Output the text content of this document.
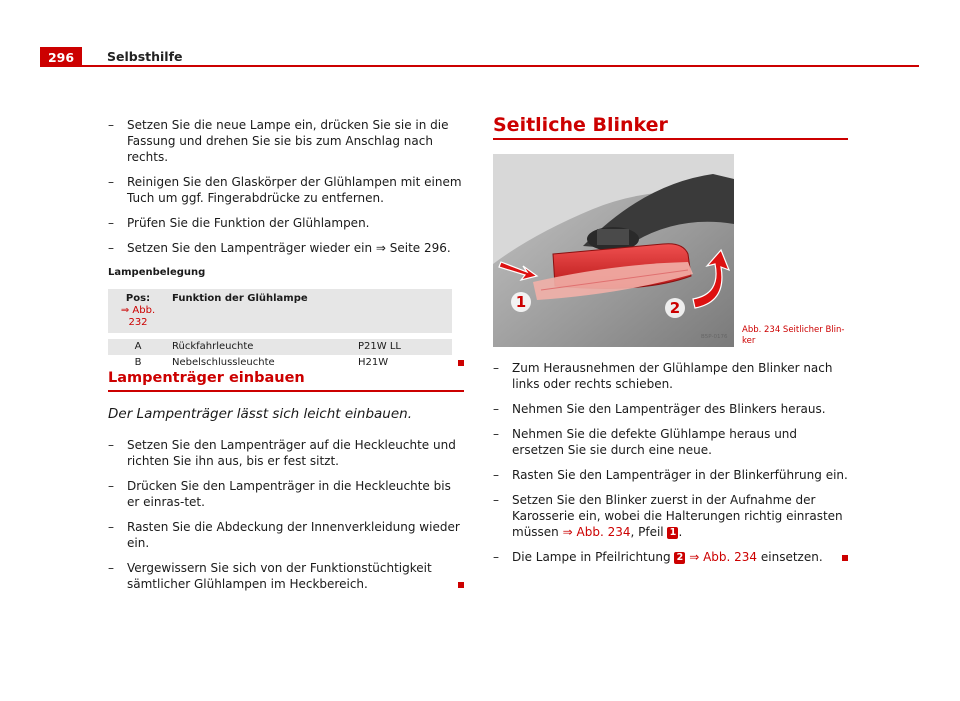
296	Selbsthilfe
– Setzen Sie die neue Lampe ein, drücken Sie sie in die Fassung und drehen Sie sie bis zum Anschlag nach rechts.
– Reinigen Sie den Glaskörper der Glühlampen mit einem Tuch um ggf. Fingerabdrücke zu entfernen.
– Prüfen Sie die Funktion der Glühlampen.
– Setzen Sie den Lampenträger wieder ein ⇒ Seite 296.
Lampenbelegung
Pos:
⇒ Abb. 232	Funktion der Glühlampe	

A	Rückfahrleuchte	P21W LL
B	Nebelschlussleuchte	H21W
Lampenträger einbauen
Der Lampenträger lässt sich leicht einbauen.
– Setzen Sie den Lampenträger auf die Heckleuchte und richten Sie ihn aus, bis er fest sitzt.
– Drücken Sie den Lampenträger in die Heckleuchte bis er einras-tet.
– Rasten Sie die Abdeckung der Innenverkleidung wieder ein.
– Vergewissern Sie sich von der Funktionstüchtigkeit sämtlicher Glühlampen im Heckbereich.
Seitliche Blinker
1	2
B5P-0176
Abb. 234 Seitlicher Blin-ker
– Zum Herausnehmen der Glühlampe den Blinker nach links oder rechts schieben.
– Nehmen Sie den Lampenträger des Blinkers heraus.
– Nehmen Sie die defekte Glühlampe heraus und ersetzen Sie sie durch eine neue.
– Rasten Sie den Lampenträger in der Blinkerführung ein.
– Setzen Sie den Blinker zuerst in der Aufnahme der Karosserie ein, wobei die Halterungen richtig einrasten müssen ⇒ Abb. 234, Pfeil 1 .
– Die Lampe in Pfeilrichtung 2 ⇒ Abb. 234 einsetzen.
